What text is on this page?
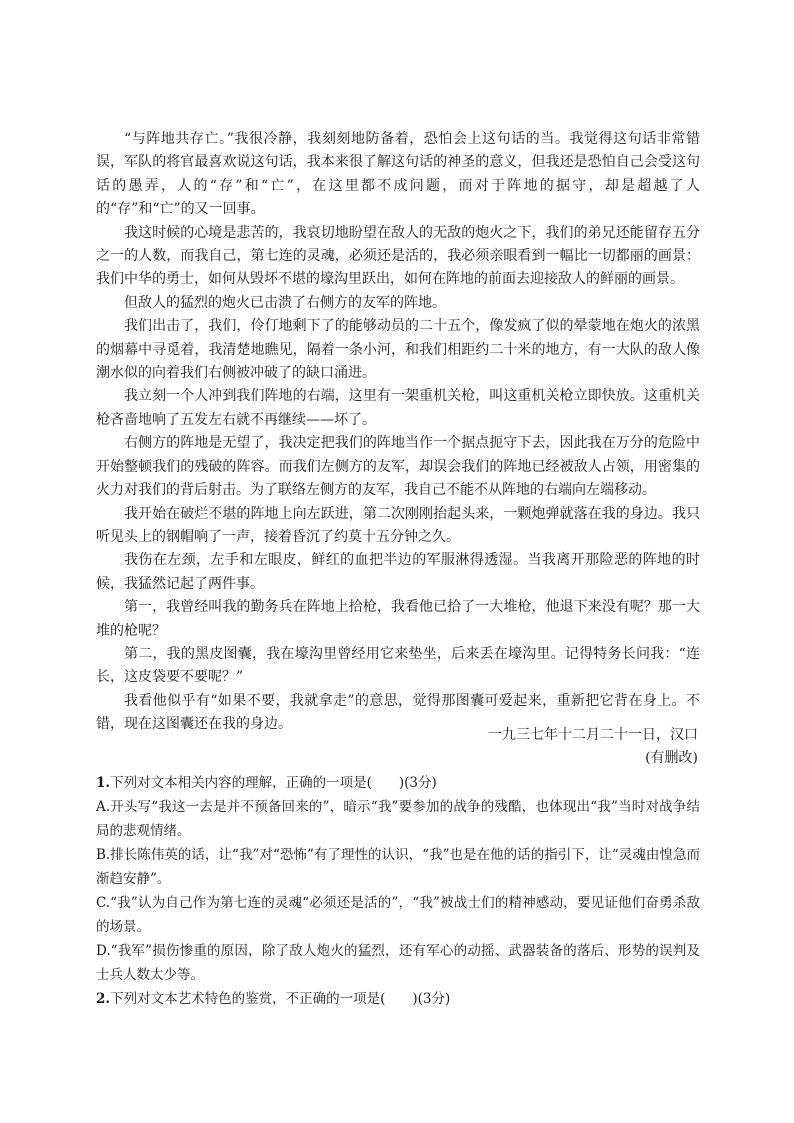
“与阵地共存亡。”我很冷静，我刻刻地防备着，恐怕会上这句话的当。我觉得这句话非常错误，军队的将官最喜欢说这句话，我本来很了解这句话的神圣的意义，但我还是恐怕自己会受这句话的愚弄，人的“存”和“亡”，在这里都不成问题，而对于阵地的据守，却是超越了人的“存”和“亡”的又一回事。

我这时候的心境是悲苦的，我哀切地盼望在敌人的无敌的炮火之下，我们的弟兄还能留存五分之一的人数，而我自己，第七连的灵魂，必须还是活的，我必须亲眼看到一幅比一切都丽的画景：我们中华的勇士，如何从毁坏不堪的壕沟里跃出，如何在阵地的前面去迎接敌人的鲜丽的画景。

但敌人的猛烈的炮火已击溃了右侧方的友军的阵地。

我们出击了，我们，伶仃地剩下了的能够动员的二十五个，像发疯了似的晕蒙地在炮火的浓黑的烟幕中寻觅着，我清楚地瞧见，隔着一条小河，和我们相距约二十米的地方，有一大队的敌人像潮水似的向着我们右侧被冲破了的缺口涌进。

我立刻一个人冲到我们阵地的右端，这里有一架重机关枪，叫这重机关枪立即快放。这重机关枪吝啬地响了五发左右就不再继续——坏了。

右侧方的阵地是无望了，我决定把我们的阵地当作一个据点扼守下去，因此我在万分的危险中开始整顿我们的残破的阵容。而我们左侧方的友军，却误会我们的阵地已经被敌人占领，用密集的火力对我们的背后射击。为了联络左侧方的友军，我自己不能不从阵地的右端向左端移动。

我开始在破烂不堪的阵地上向左跃进，第二次刚刚抬起头来，一颗炮弹就落在我的身边。我只听见头上的钢帽响了一声，接着昏沉了约莫十五分钟之久。

我伤在左颈，左手和左眼皮，鲜红的血把半边的军服淋得透湿。当我离开那险恶的阵地的时候，我猛然记起了两件事。

第一，我曾经叫我的勤务兵在阵地上拾枪，我看他已拾了一大堆枪，他退下来没有呢？那一大堆的枪呢？

第二，我的黑皮图囊，我在壕沟里曾经用它来垫坐，后来丢在壕沟里。记得特务长问我：“连长，这皮袋要不要呢？”

我看他似乎有“如果不要，我就拿走”的意思，觉得那图囊可爱起来，重新把它背在身上。不错，现在这图囊还在我的身边。

一九三七年十二月二十一日，汉口

(有删改)

1.下列对文本相关内容的理解，正确的一项是(　　)(3分)

A.开头写“我这一去是并不预备回来的”，暗示“我”要参加的战争的残酷，也体现出“我”当时对战争结局的悲观情绪。

B.排长陈伟英的话，让“我”对“恐怖”有了理性的认识，“我”也是在他的话的指引下，让“灵魂由惶急而渐趋安静”。

C.“我”认为自己作为第七连的灵魂“必须还是活的”，“我”被战士们的精神感动，要见证他们奋勇杀敌的场景。

D.“我军”损伤惨重的原因，除了敌人炮火的猛烈，还有军心的动摇、武器装备的落后、形势的误判及士兵人数太少等。

2.下列对文本艺术特色的鉴赏，不正确的一项是(　　)(3分)
